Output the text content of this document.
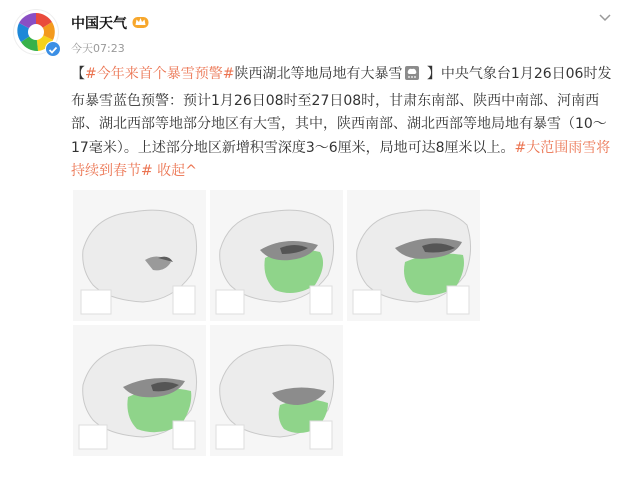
中国天气
今天07:23
【#今年来首个暴雪预警#陕西湖北等地局地有大暴雪 】中央气象台1月26日06时发布暴雪蓝色预警：预计1月26日08时至27日08时，甘肃东南部、陕西中南部、河南西部、湖北西部等地部分地区有大雪，其中，陕西南部、湖北西部等地局地有暴雪（10～17毫米）。上述部分地区新增积雪深度3～6厘米，局地可达8厘米以上。#大范围雨雪将持续到春节# 收起^
